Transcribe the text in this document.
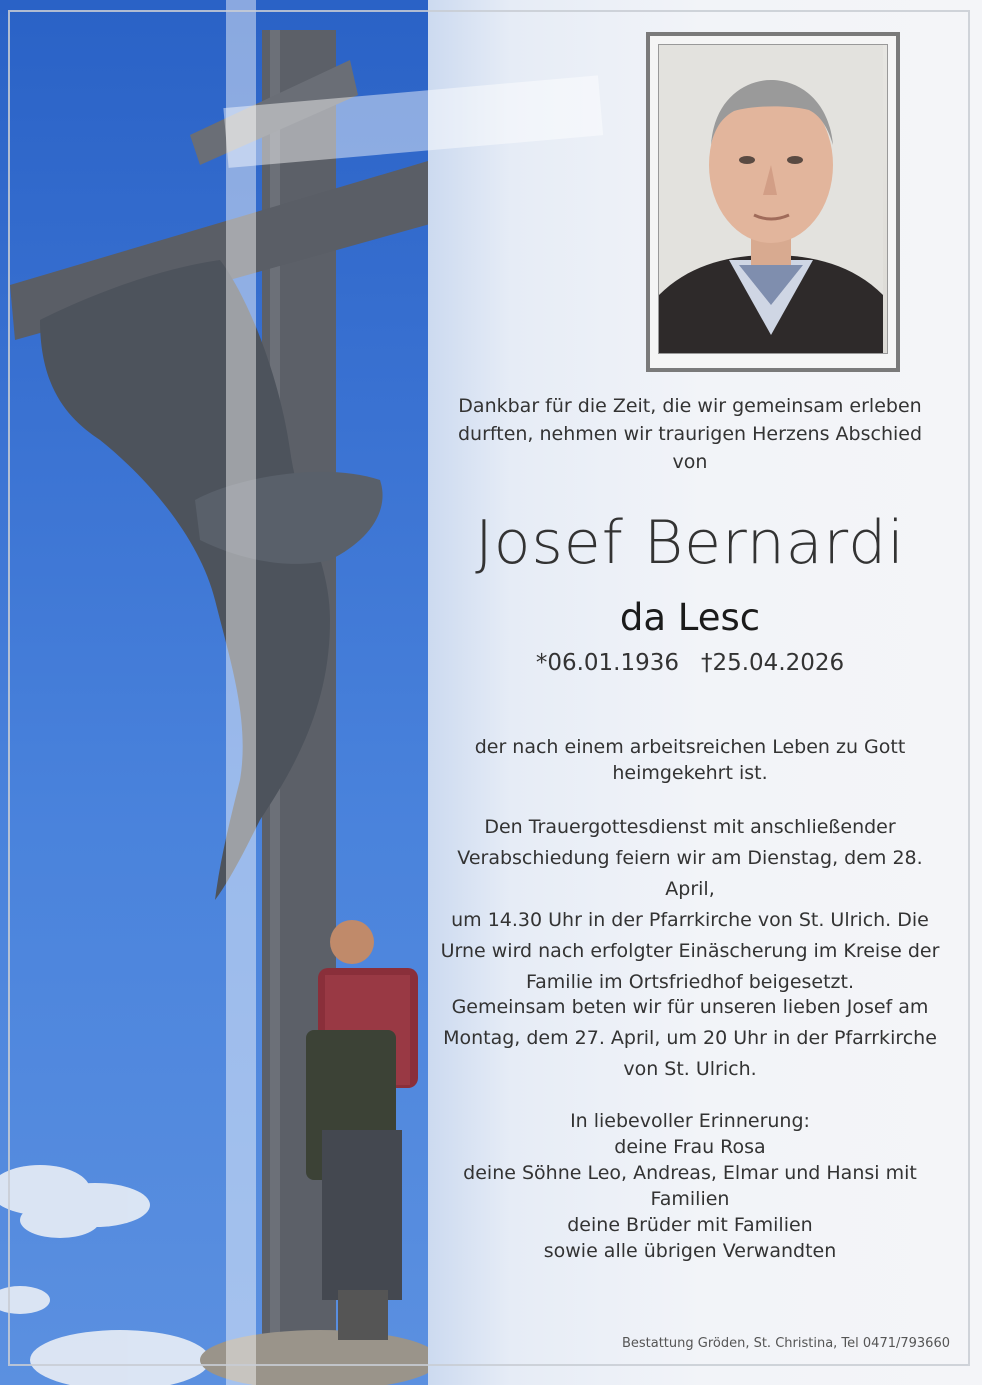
Dankbar für die Zeit, die wir gemeinsam erleben
durften, nehmen wir traurigen Herzens Abschied von
Josef Bernardi
da Lesc
*06.01.1936 †25.04.2026
der nach einem arbeitsreichen Leben zu Gott
heimgekehrt ist.
Den Trauergottesdienst mit anschließender
Verabschiedung feiern wir am Dienstag, dem 28. April,
um 14.30 Uhr in der Pfarrkirche von St. Ulrich. Die
Urne wird nach erfolgter Einäscherung im Kreise der
Familie im Ortsfriedhof beigesetzt.
Gemeinsam beten wir für unseren lieben Josef am
Montag, dem 27. April, um 20 Uhr in der Pfarrkirche
von St. Ulrich.
In liebevoller Erinnerung:
deine Frau Rosa
deine Söhne Leo, Andreas, Elmar und Hansi mit
Familien
deine Brüder mit Familien
sowie alle übrigen Verwandten
Bestattung Gröden, St. Christina, Tel 0471/793660
